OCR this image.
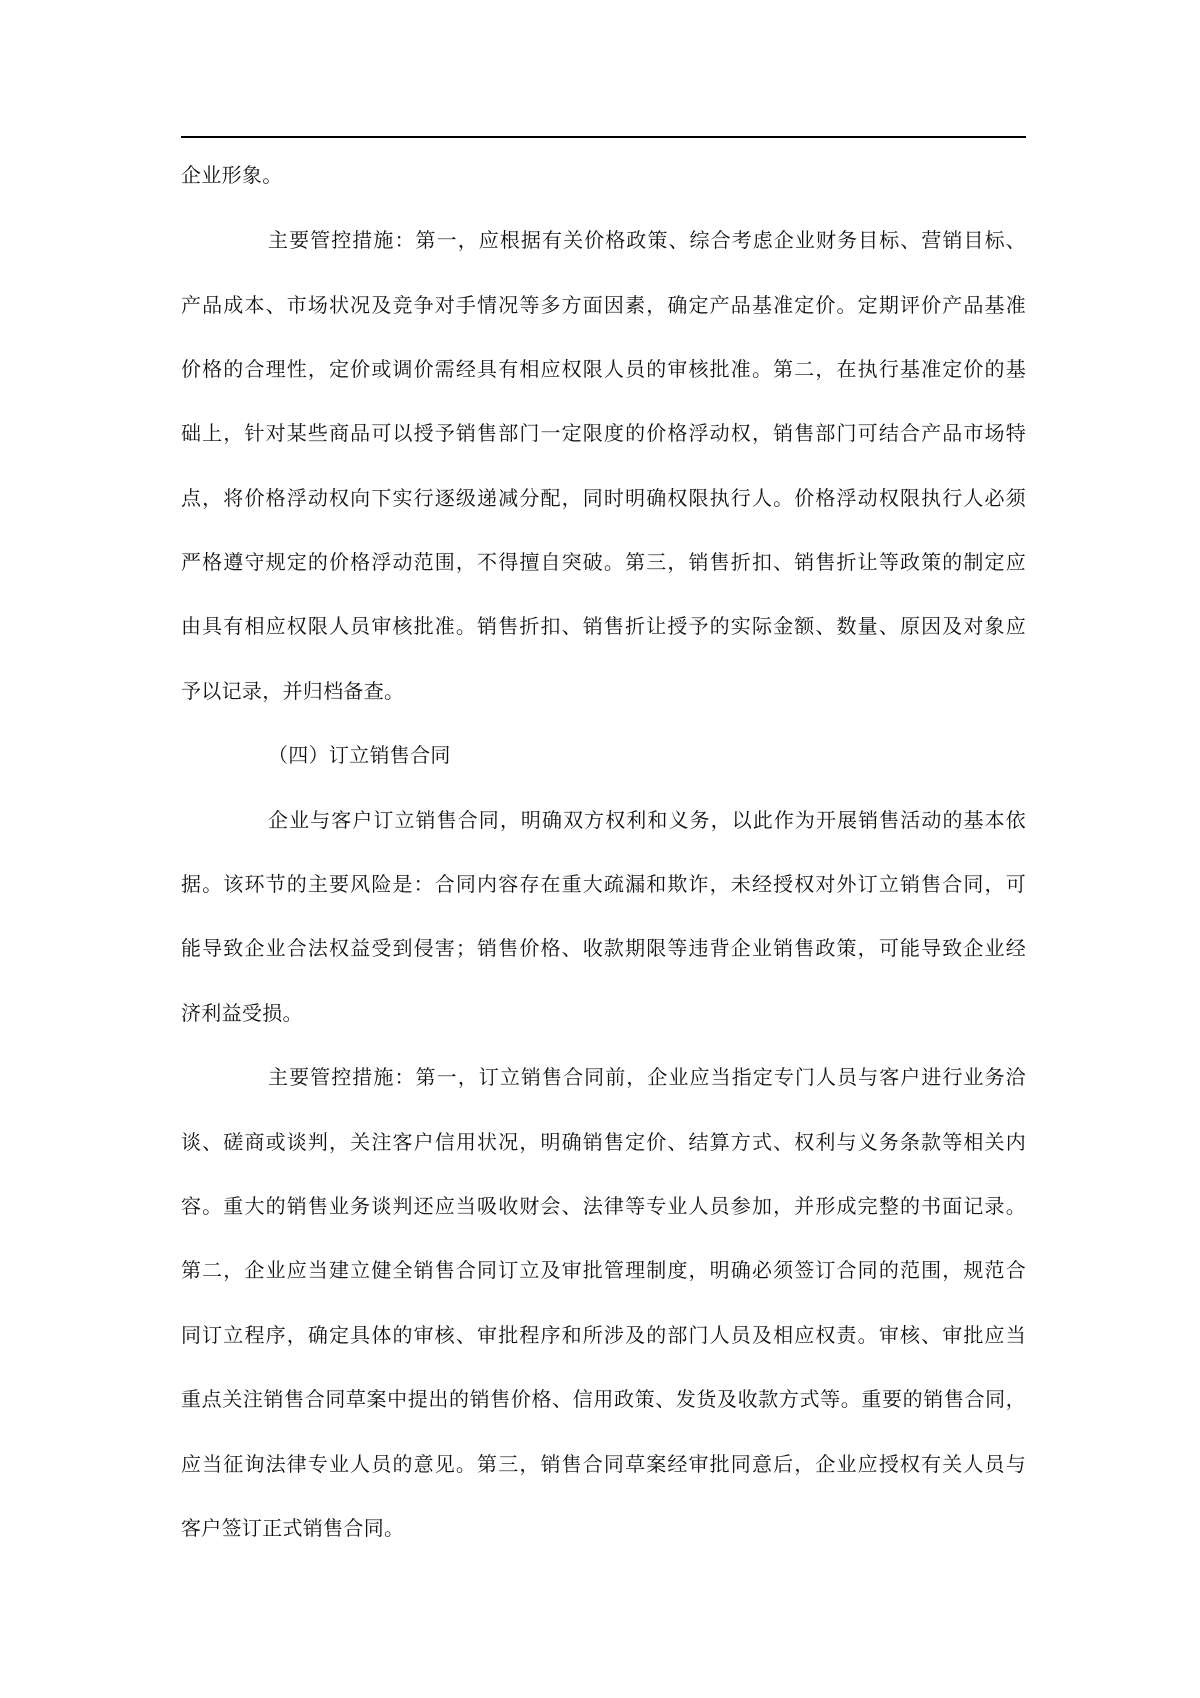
企业形象。
主要管控措施：第一，应根据有关价格政策、综合考虑企业财务目标、营销目标、
产品成本、市场状况及竞争对手情况等多方面因素，确定产品基准定价。定期评价产品基准
价格的合理性，定价或调价需经具有相应权限人员的审核批准。第二，在执行基准定价的基
础上，针对某些商品可以授予销售部门一定限度的价格浮动权，销售部门可结合产品市场特
点，将价格浮动权向下实行逐级递减分配，同时明确权限执行人。价格浮动权限执行人必须
严格遵守规定的价格浮动范围，不得擅自突破。第三，销售折扣、销售折让等政策的制定应
由具有相应权限人员审核批准。销售折扣、销售折让授予的实际金额、数量、原因及对象应
予以记录，并归档备查。
（四）订立销售合同
企业与客户订立销售合同，明确双方权利和义务，以此作为开展销售活动的基本依
据。该环节的主要风险是：合同内容存在重大疏漏和欺诈，未经授权对外订立销售合同，可
能导致企业合法权益受到侵害；销售价格、收款期限等违背企业销售政策，可能导致企业经
济利益受损。
主要管控措施：第一，订立销售合同前，企业应当指定专门人员与客户进行业务洽
谈、磋商或谈判，关注客户信用状况，明确销售定价、结算方式、权利与义务条款等相关内
容。重大的销售业务谈判还应当吸收财会、法律等专业人员参加，并形成完整的书面记录。
第二，企业应当建立健全销售合同订立及审批管理制度，明确必须签订合同的范围，规范合
同订立程序，确定具体的审核、审批程序和所涉及的部门人员及相应权责。审核、审批应当
重点关注销售合同草案中提出的销售价格、信用政策、发货及收款方式等。重要的销售合同，
应当征询法律专业人员的意见。第三，销售合同草案经审批同意后，企业应授权有关人员与
客户签订正式销售合同。
